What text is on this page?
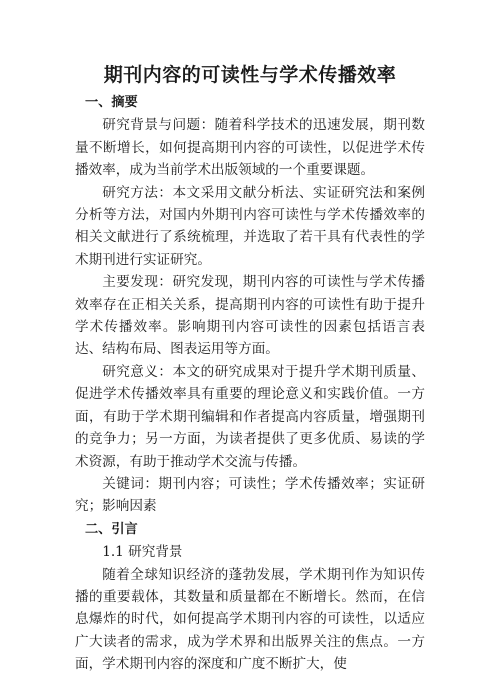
期刊内容的可读性与学术传播效率

一、摘要

研究背景与问题：随着科学技术的迅速发展，期刊数量不断增长，如何提高期刊内容的可读性，以促进学术传播效率，成为当前学术出版领域的一个重要课题。

研究方法：本文采用文献分析法、实证研究法和案例分析等方法，对国内外期刊内容可读性与学术传播效率的相关文献进行了系统梳理，并选取了若干具有代表性的学术期刊进行实证研究。

主要发现：研究发现，期刊内容的可读性与学术传播效率存在正相关关系，提高期刊内容的可读性有助于提升学术传播效率。影响期刊内容可读性的因素包括语言表达、结构布局、图表运用等方面。

研究意义：本文的研究成果对于提升学术期刊质量、促进学术传播效率具有重要的理论意义和实践价值。一方面，有助于学术期刊编辑和作者提高内容质量，增强期刊的竞争力；另一方面，为读者提供了更多优质、易读的学术资源，有助于推动学术交流与传播。

关键词：期刊内容；可读性；学术传播效率；实证研究；影响因素

二、引言

1.1 研究背景

随着全球知识经济的蓬勃发展，学术期刊作为知识传播的重要载体，其数量和质量都在不断增长。然而，在信息爆炸的时代，如何提高学术期刊内容的可读性，以适应广大读者的需求，成为学术界和出版界关注的焦点。一方面，学术期刊内容的深度和广度不断扩大，使
